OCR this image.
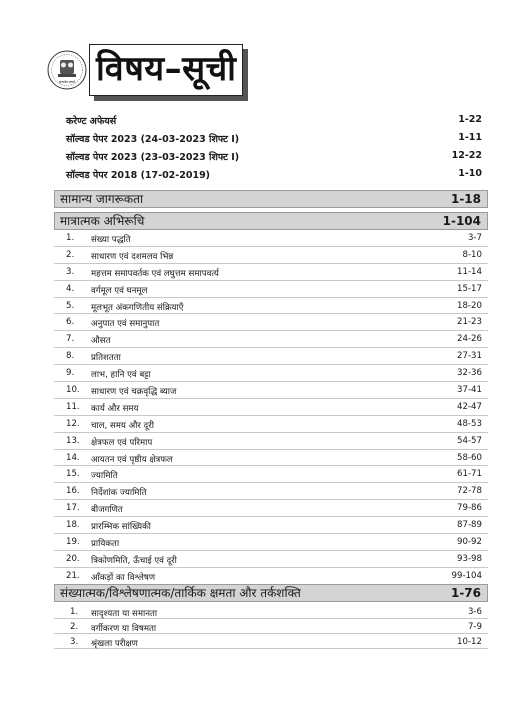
सत्यमेव जयते विषय–सूची
करेण्ट अफेयर्स	1-22
सॉल्वड पेपर 2023 (24-03-2023 शिफ्ट I)	1-11
सॉल्वड पेपर 2023 (23-03-2023 शिफ्ट I)	12-22
सॉल्वड पेपर 2018 (17-02-2019)	1-10
सामान्य जागरूकता	1-18
मात्रात्मक अभिरूचि	1-104
1. संख्या पद्धति	3-7
2. साधारण एवं दशमलव भिन्न	8-10
3. महत्तम समापवर्तक एवं लघुत्तम समापवर्त्य	11-14
4. वर्गमूल एवं घनमूल	15-17
5. मूलभूत अंकगणितीय संक्रियाएँ	18-20
6. अनुपात एवं समानुपात	21-23
7. औसत	24-26
8. प्रतिशतता	27-31
9. लाभ, हानि एवं बट्टा	32-36
10. साधारण एवं चक्रवृद्धि ब्याज	37-41
11. कार्य और समय	42-47
12. चाल, समय और दूरी	48-53
13. क्षेत्रफल एवं परिमाप	54-57
14. आयतन एवं पृष्ठीय क्षेत्रफल	58-60
15. ज्यामिति	61-71
16. निर्देशांक ज्यामिति	72-78
17. बीजगणित	79-86
18. प्रारम्भिक सांख्यिकी	87-89
19. प्रायिकता	90-92
20. त्रिकोणमिति, ऊँचाई एवं दूरी	93-98
21. आँकड़ों का विश्लेषण	99-104
संख्यात्मक/विश्लेषणात्मक/तार्किक क्षमता और तर्कशक्ति	1-76
1. सादृश्यता या समानता	3-6
2. वर्गीकरण या विषमता	7-9
3. श्रृंखला परीक्षण	10-12
